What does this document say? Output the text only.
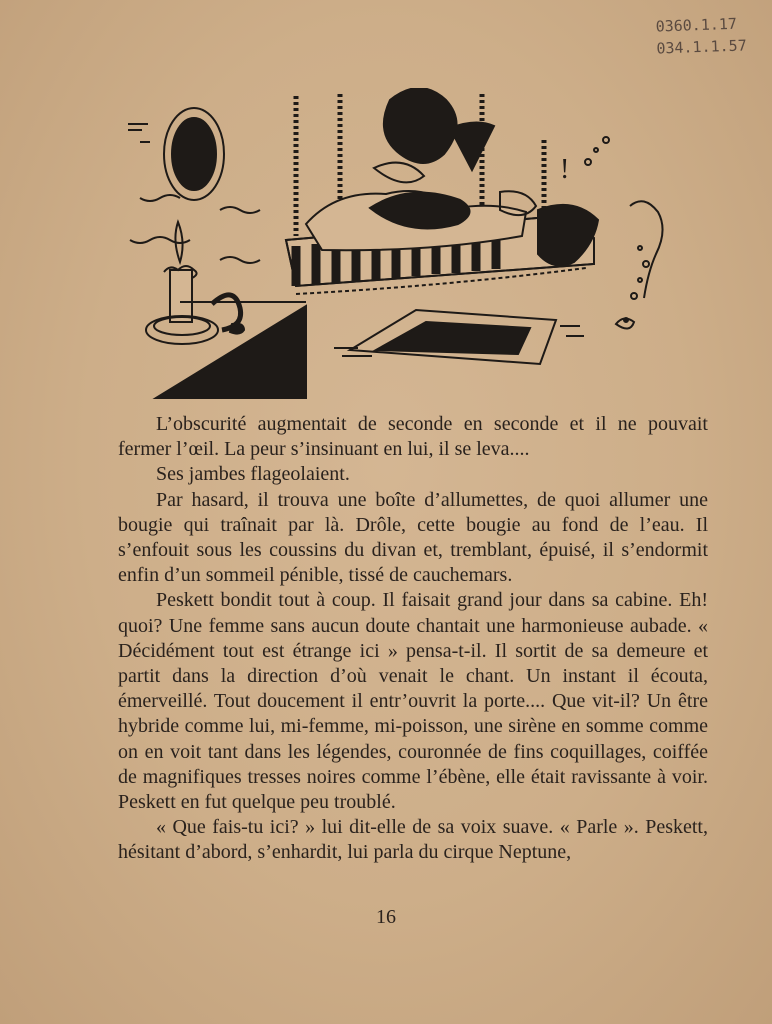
0360.1.17
034.1.1.57
!

L’obscurité augmentait de seconde en seconde et il ne pouvait fermer l’œil. La peur s’insinuant en lui, il se leva....

Ses jambes flageolaient.

Par hasard, il trouva une boîte d’allumettes, de quoi allumer une bougie qui traînait par là. Drôle, cette bougie au fond de l’eau. Il s’enfouit sous les coussins du divan et, tremblant, épuisé, il s’endormit enfin d’un sommeil pénible, tissé de cauchemars.

Peskett bondit tout à coup. Il faisait grand jour dans sa cabine. Eh! quoi? Une femme sans aucun doute chantait une harmonieuse aubade. « Décidément tout est étrange ici » pensa-t-il. Il sortit de sa demeure et partit dans la direction d’où venait le chant. Un instant il écouta, émerveillé. Tout doucement il entr’ouvrit la porte.... Que vit-il? Un être hybride comme lui, mi-femme, mi-poisson, une sirène en somme comme on en voit tant dans les légendes, couronnée de fins coquillages, coiffée de magnifiques tresses noires comme l’ébène, elle était ravissante à voir. Peskett en fut quelque peu troublé.

« Que fais-tu ici? » lui dit-elle de sa voix suave. « Parle ». Peskett, hésitant d’abord, s’enhardit, lui parla du cirque Neptune,

16
